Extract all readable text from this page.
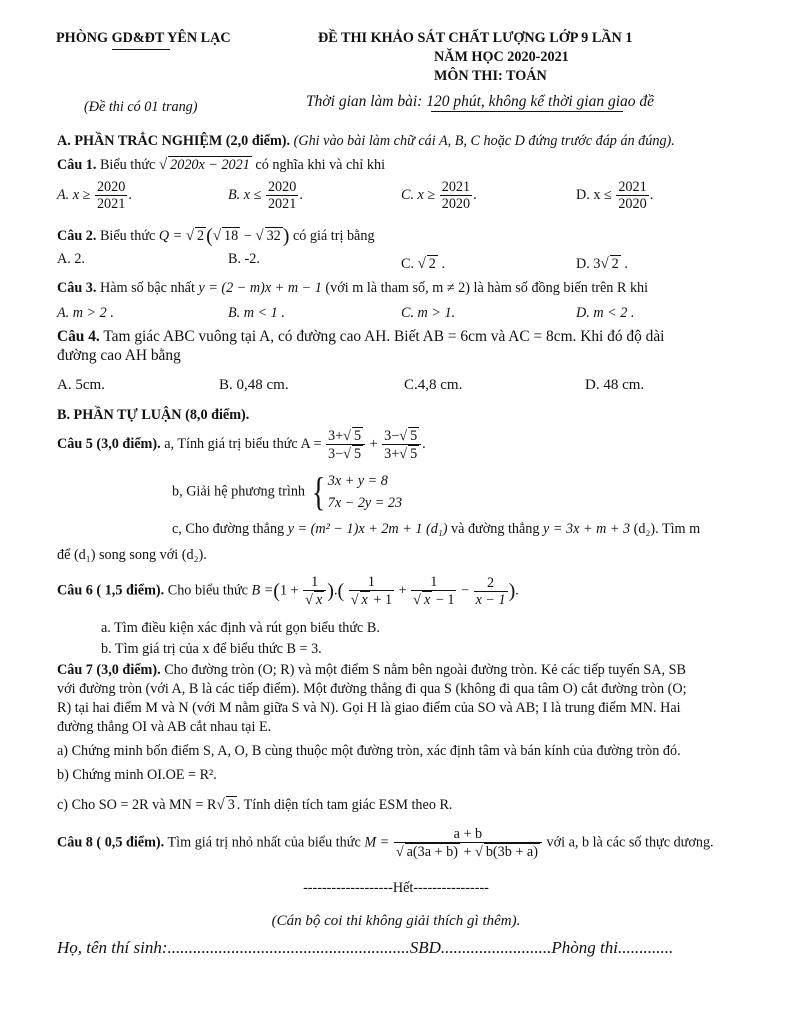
PHÒNG GD&ĐT YÊN LẠC	ĐỀ THI KHẢO SÁT CHẤT LƯỢNG LỚP 9 LẦN 1
NĂM HỌC 2020-2021
MÔN THI: TOÁN
(Đề thi có 01 trang)	Thời gian làm bài: 120 phút, không kể thời gian giao đề
A. PHẦN TRẮC NGHIỆM (2,0 điểm). (Ghi vào bài làm chữ cái A, B, C hoặc D đứng trước đáp án đúng).
Câu 1. Biểu thức √ 2020x − 2021 có nghĩa khi và chỉ khi
A. $x \ge \frac{2020}{2021}$ .	B. $x \le \frac{2020}{2021}$ .	C. $x \ge \frac{2021}{2020}$ .	D. $x \le \frac{2021}{2020}$ .
Câu 2. Biểu thức Q = √ 2 (√ 18 − √ 32 ) có giá trị bằng
A. 2.	B. -2.	C. √ 2 .	D. 3√ 2 .
Câu 3. Hàm số bậc nhất y = (2 − m)x + m − 1 (với m là tham số, m ≠ 2) là hàm số đồng biến trên R khi
A. m > 2 .	B. m < 1 .	C. m > 1.	D. m < 2 .
Câu 4. Tam giác ABC vuông tại A, có đường cao AH. Biết AB = 6cm và AC = 8cm. Khi đó độ dài
đường cao AH bằng
A. 5cm.	B. 0,48 cm.	C.4,8 cm.	D. 48 cm.
B. PHẦN TỰ LUẬN (8,0 điểm).
Câu 5 (3,0 điểm). a, Tính giá trị biểu thức $A = \frac{3+√ 5}{3-√ 5} + \frac{3-√ 5}{3+√ 5}$ .
b, Giải hệ phương trình { 3x + y = 8
7x − 2y = 23
c, Cho đường thẳng y = (m² − 1)x + 2m + 1 (d₁) và đường thẳng y = 3x + m + 3 (d₂). Tìm m
để (d₁) song song với (d₂).
Câu 6 ( 1,5 điểm). Cho biểu thức $B =(1 + \frac{1}{√ x}$ ).( $\frac{1}{√ x + 1} + \frac{1}{√ x - 1} - \frac{2}{x - 1}$ ).
a. Tìm điều kiện xác định và rút gọn biểu thức B.
b. Tìm giá trị của x để biểu thức B = 3.
Câu 7 (3,0 điểm). Cho đường tròn (O; R) và một điểm S nằm bên ngoài đường tròn. Kẻ các tiếp tuyến SA, SB
với đường tròn (với A, B là các tiếp điểm). Một đường thẳng đi qua S (không đi qua tâm O) cắt đường tròn (O;
R) tại hai điểm M và N (với M nằm giữa S và N). Gọi H là giao điểm của SO và AB; I là trung điểm MN. Hai
đường thẳng OI và AB cắt nhau tại E.
a) Chứng minh bốn điểm S, A, O, B cùng thuộc một đường tròn, xác định tâm và bán kính của đường tròn đó.
b) Chứng minh OI.OE = R².
c) Cho SO = 2R và MN = R√ 3 . Tính diện tích tam giác ESM theo R.
Câu 8 ( 0,5 điểm). Tìm giá trị nhỏ nhất của biểu thức $M = \frac{a + b}{√ a(3a + b) + √ b(3b + a)}$ với a, b là các số thực dương.
-------------------Hết----------------
(Cán bộ coi thi không giải thích gì thêm).
Họ, tên thí sinh:.........................................................SBD..........................Phòng thi.............
